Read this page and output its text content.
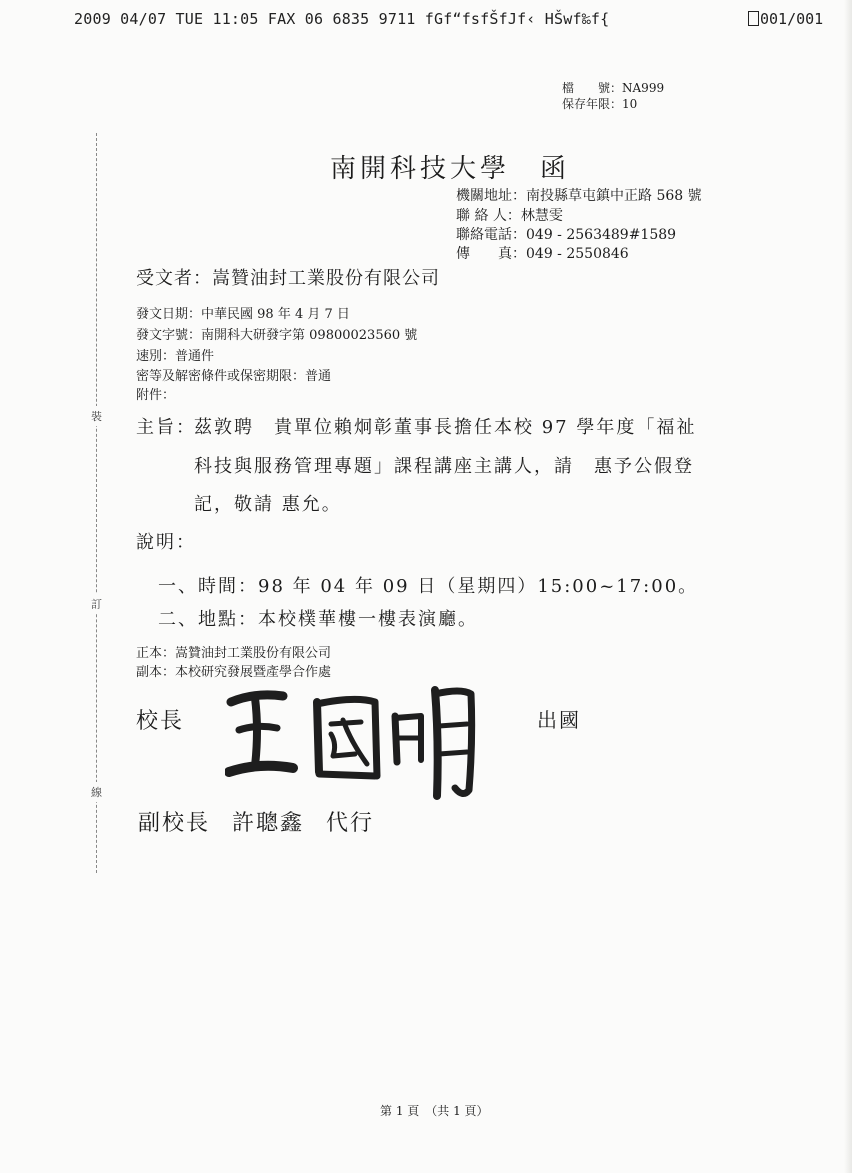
2009 04/07 TUE 11:05 FAX 06 6835 9711 fGf“fsfŠfJf‹ HŠwf‰f{	001/001
檔　　號：NA999
保存年限：10
裝
訂
線
南開科技大學　函
機關地址：南投縣草屯鎮中正路 568 號
聯 絡 人：林慧雯
聯絡電話：049 - 2563489#1589
傳　　真：049 - 2550846
受文者：嵩贊油封工業股份有限公司
發文日期：中華民國 98 年 4 月 7 日
發文字號：南開科大研發字第 09800023560 號
速別：普通件
密等及解密條件或保密期限：普通
附件：
主旨：
茲敦聘　貴單位賴炯彰董事長擔任本校 97 學年度「福祉
科技與服務管理專題」課程講座主講人，請　惠予公假登
記，敬請 惠允。
說明：
一、時間：98 年 04 年 09 日（星期四）15:00~17:00。
二、地點：本校樸華樓一樓表演廳。
正本：嵩贊油封工業股份有限公司
副本：本校研究發展暨產學合作處
校長	出國
副校長 許聰鑫 代行
第 1 頁　（共 1 頁）
